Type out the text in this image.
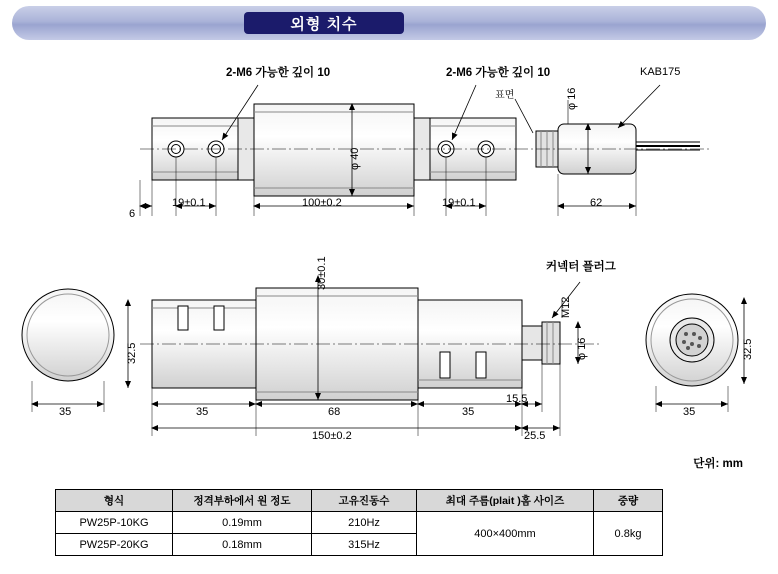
외형 치수
2-M6 가능한 깊이 10	2-M6 가능한 깊이 10
표면
KAB175
6
19±0.1	100±0.2	19±0.1	62
φ 40
φ 16
커넥터 플러그
M12
35
32.5
35
30±0.1
68	35
15.5
150±0.2	25.5
φ 16
35
32.5
단위: mm
형식	정격부하에서 원 정도	고유진동수	최대 주름(plait )홈 사이즈	중량
PW25P-10KG	0.19mm	210Hz	400×400mm	0.8kg
PW25P-20KG	0.18mm	315Hz		
